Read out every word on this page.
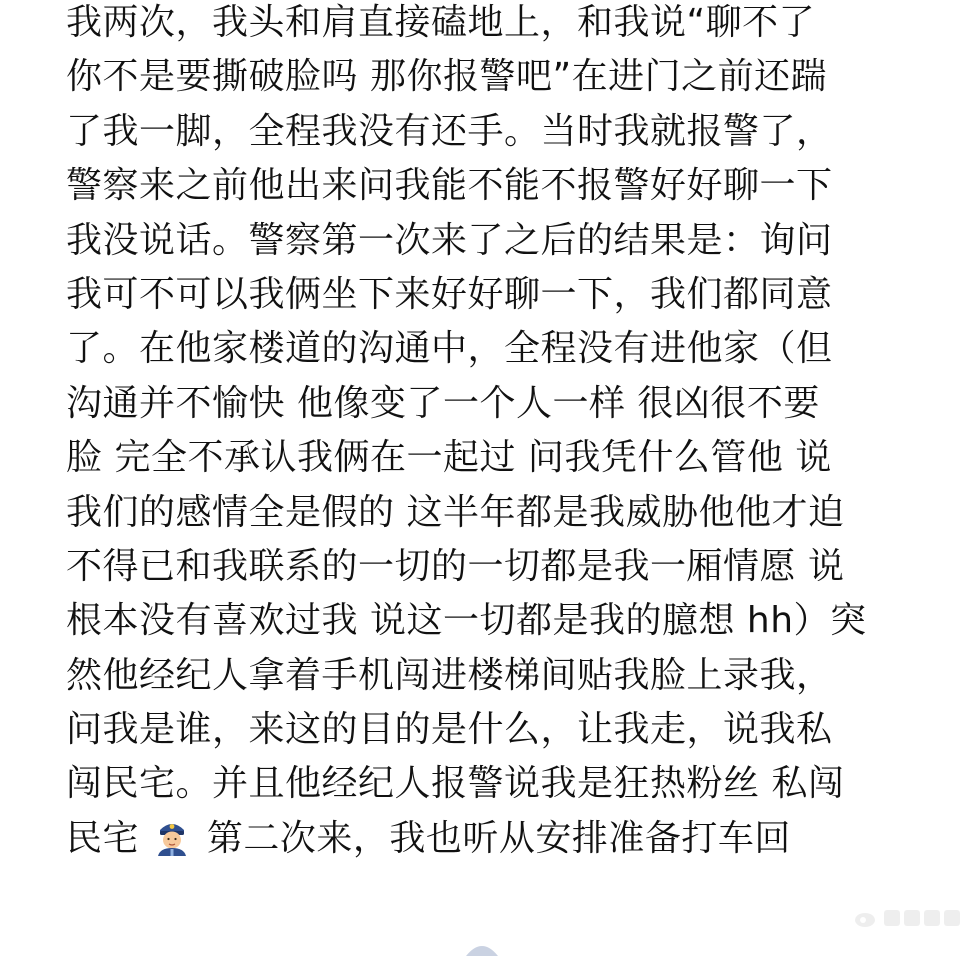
我两次，我头和肩直接磕地上，和我说“聊不了
你不是要撕破脸吗 那你报警吧”在进门之前还踹
了我一脚，全程我没有还手。当时我就报警了，
警察来之前他出来问我能不能不报警好好聊一下
我没说话。警察第一次来了之后的结果是：询问
我可不可以我俩坐下来好好聊一下，我们都同意
了。在他家楼道的沟通中，全程没有进他家（但
沟通并不愉快 他像变了一个人一样 很凶很不要
脸 完全不承认我俩在一起过 问我凭什么管他 说
我们的感情全是假的 这半年都是我威胁他他才迫
不得已和我联系的一切的一切都是我一厢情愿 说
根本没有喜欢过我 说这一切都是我的臆想 hh）突
然他经纪人拿着手机闯进楼梯间贴我脸上录我，
问我是谁，来这的目的是什么，让我走，说我私
闯民宅。并且他经纪人报警说我是狂热粉丝 私闯
民宅 第二次来，我也听从安排准备打车回
